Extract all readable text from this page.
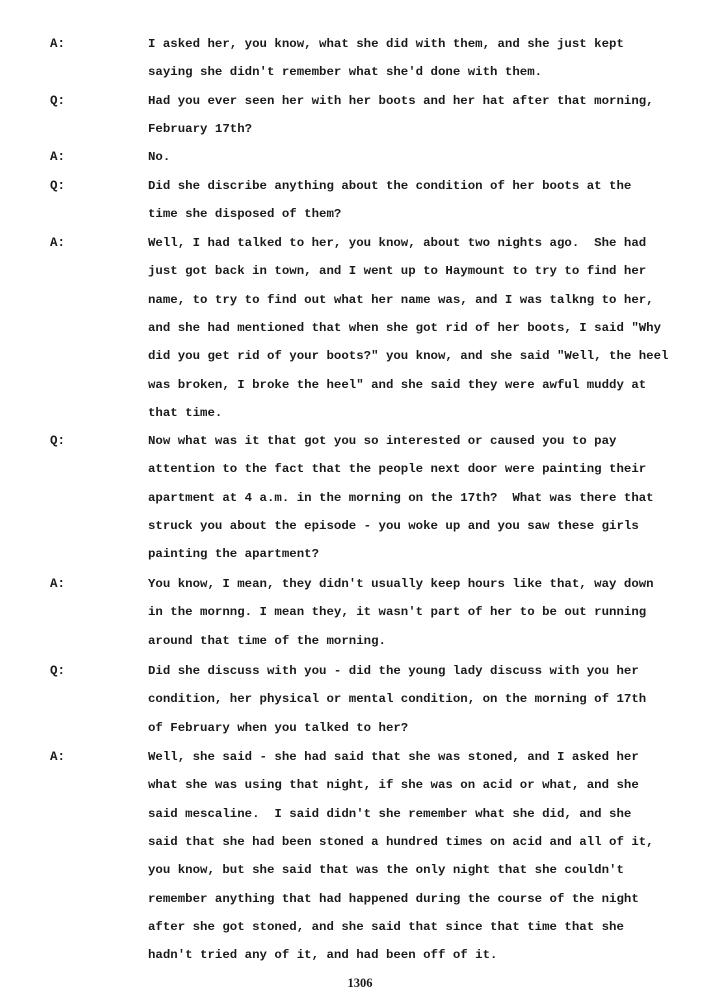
A:	I asked her, you know, what she did with them, and she just kept
saying she didn't remember what she'd done with them.
Q:	Had you ever seen her with her boots and her hat after that morning,
February 17th?
A:	No.
Q:	Did she discribe anything about the condition of her boots at the
time she disposed of them?
A:	Well, I had talked to her, you know, about two nights ago.  She had
just got back in town, and I went up to Haymount to try to find her
name, to try to find out what her name was, and I was talkng to her,
and she had mentioned that when she got rid of her boots, I said "Why
did you get rid of your boots?" you know, and she said "Well, the heel
was broken, I broke the heel" and she said they were awful muddy at
that time.
Q:	Now what was it that got you so interested or caused you to pay
attention to the fact that the people next door were painting their
apartment at 4 a.m. in the morning on the 17th?  What was there that
struck you about the episode - you woke up and you saw these girls
painting the apartment?
A:	You know, I mean, they didn't usually keep hours like that, way down
in the mornng. I mean they, it wasn't part of her to be out running
around that time of the morning.
Q:	Did she discuss with you - did the young lady discuss with you her
condition, her physical or mental condition, on the morning of 17th
of February when you talked to her?
A:	Well, she said - she had said that she was stoned, and I asked her
what she was using that night, if she was on acid or what, and she
said mescaline.  I said didn't she remember what she did, and she
said that she had been stoned a hundred times on acid and all of it,
you know, but she said that was the only night that she couldn't
remember anything that had happened during the course of the night
after she got stoned, and she said that since that time that she
hadn't tried any of it, and had been off of it.
1306
